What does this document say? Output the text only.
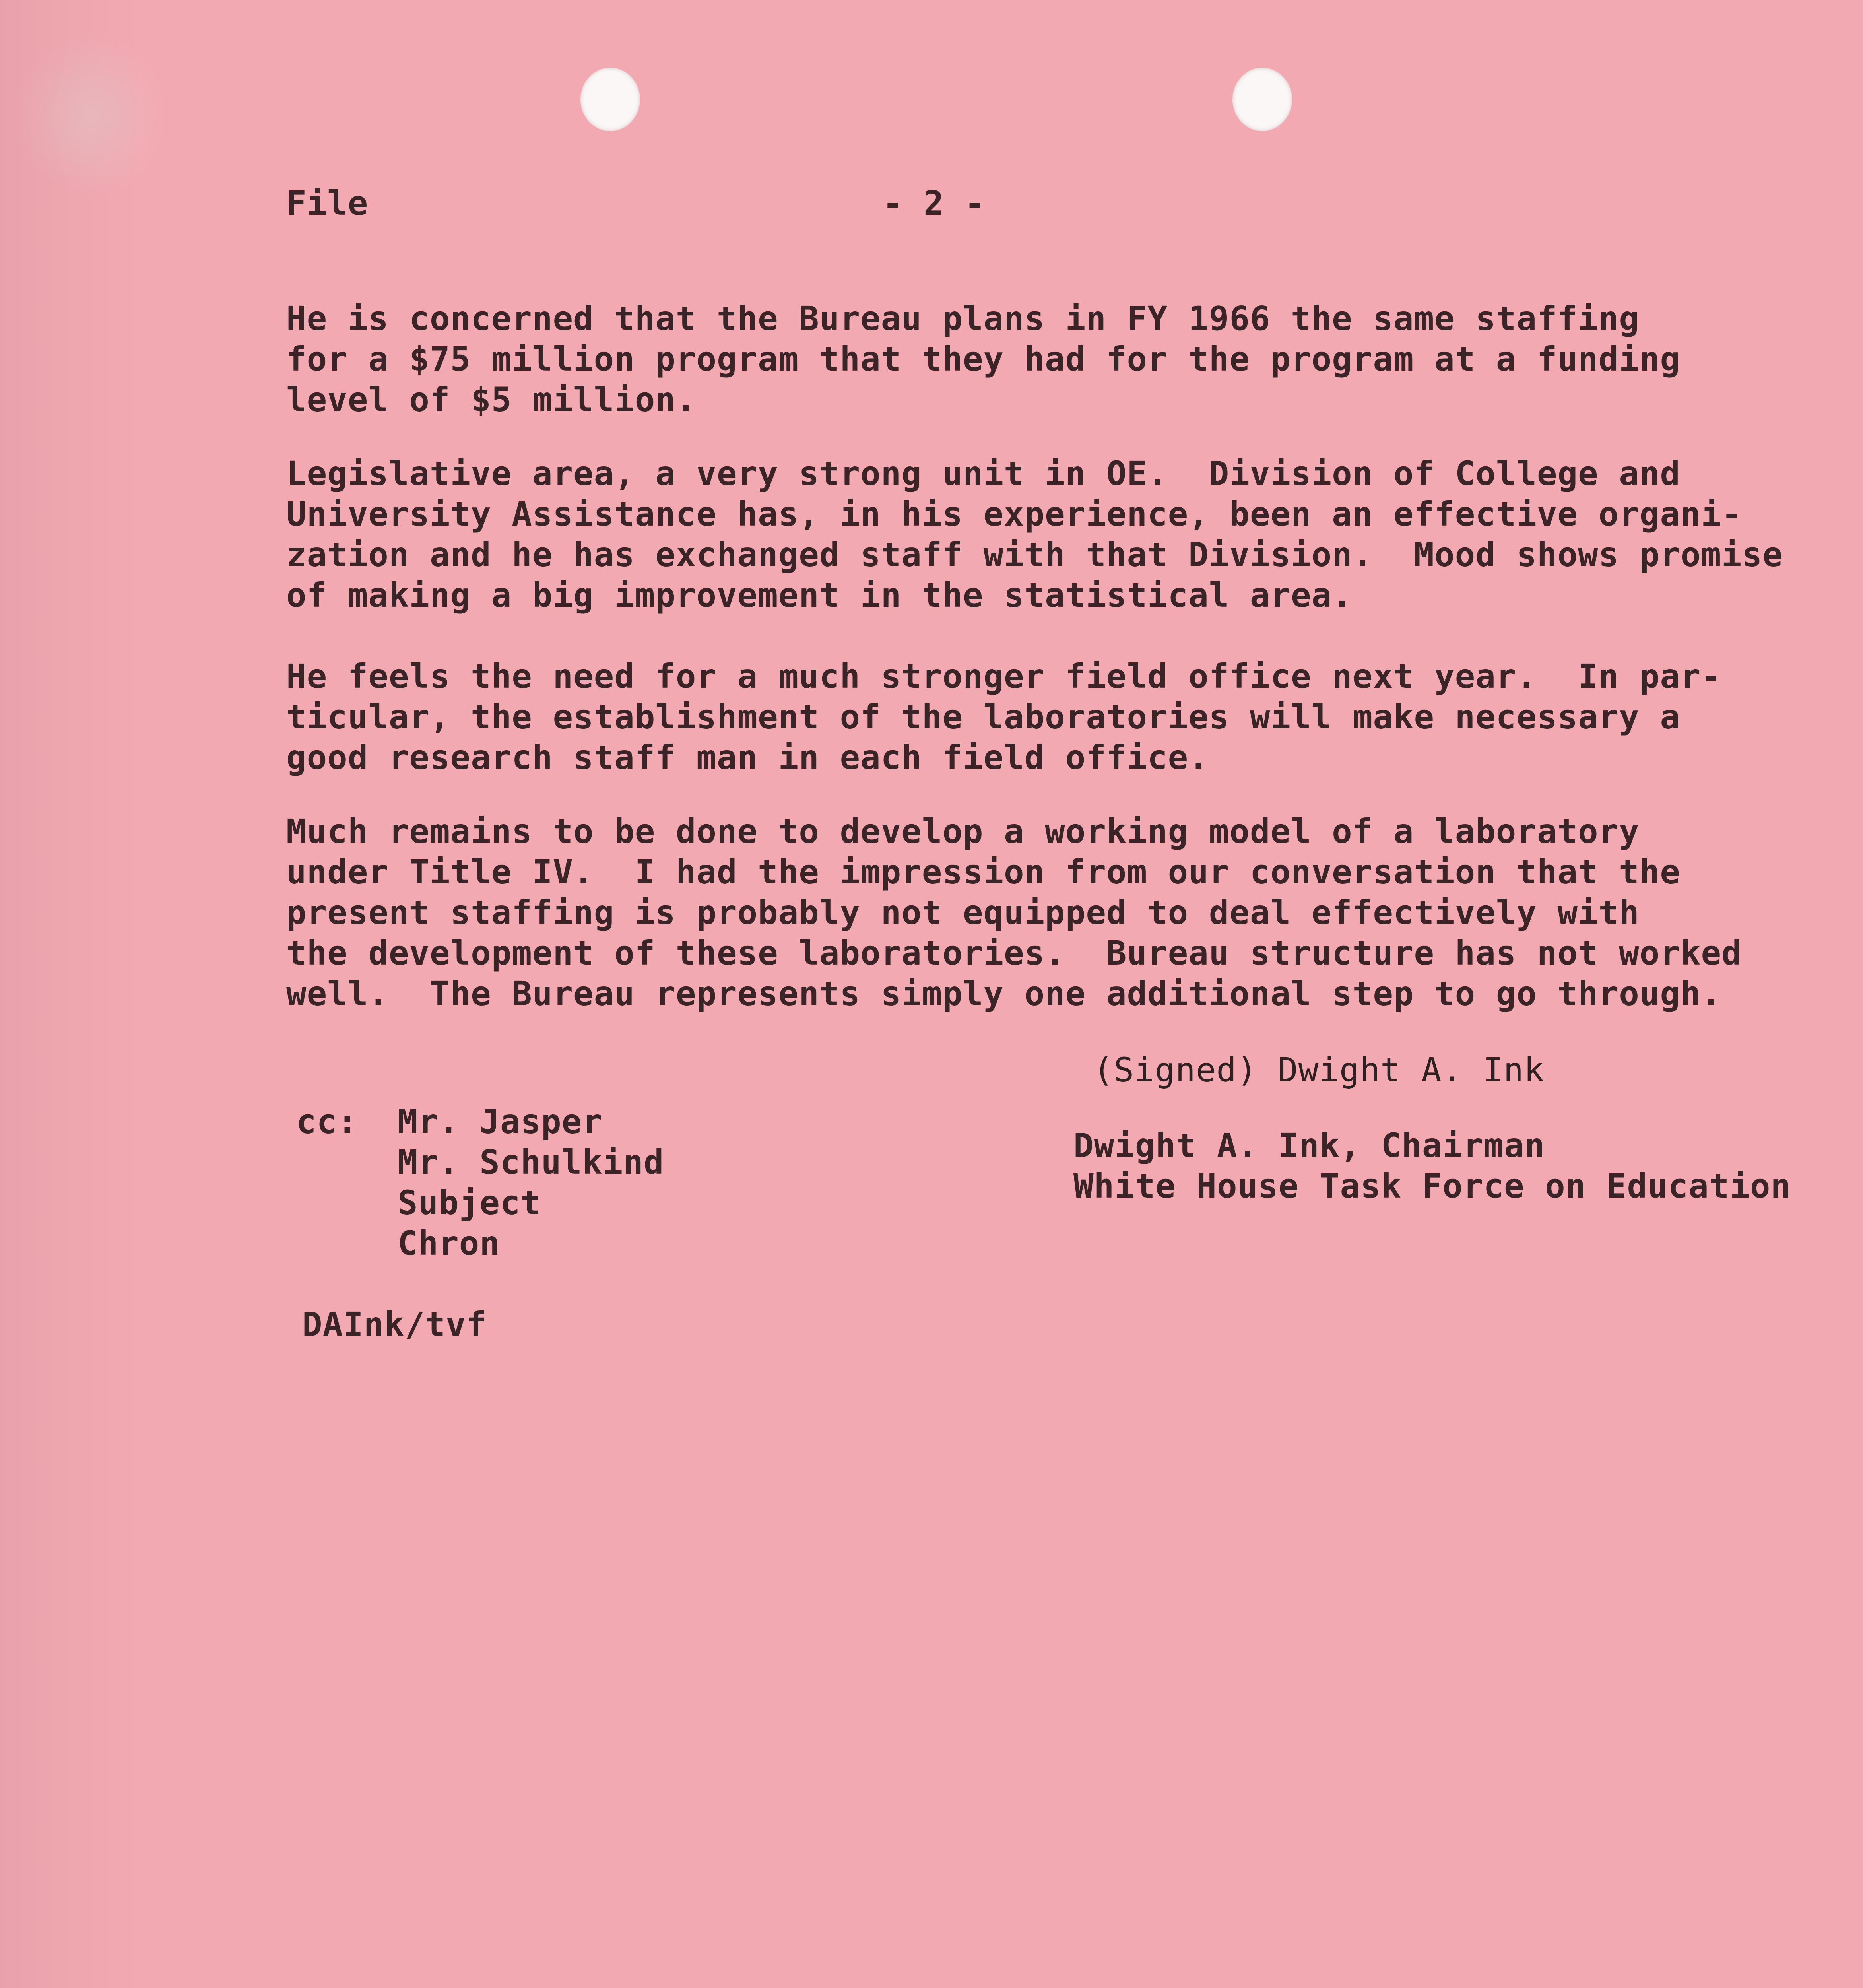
File	- 2 -
He is concerned that the Bureau plans in FY 1966 the same staffing
for a $75 million program that they had for the program at a funding
level of $5 million.
Legislative area, a very strong unit in OE.  Division of College and
University Assistance has, in his experience, been an effective organi-
zation and he has exchanged staff with that Division.  Mood shows promise
of making a big improvement in the statistical area.
He feels the need for a much stronger field office next year.  In par-
ticular, the establishment of the laboratories will make necessary a
good research staff man in each field office.
Much remains to be done to develop a working model of a laboratory
under Title IV.  I had the impression from our conversation that the
present staffing is probably not equipped to deal effectively with
the development of these laboratories.  Bureau structure has not worked
well.  The Bureau represents simply one additional step to go through.
(Signed) Dwight A. Ink
Dwight A. Ink, Chairman
White House Task Force on Education
cc: Mr. Jasper
Mr. Schulkind
Subject
Chron
DAInk/tvf
